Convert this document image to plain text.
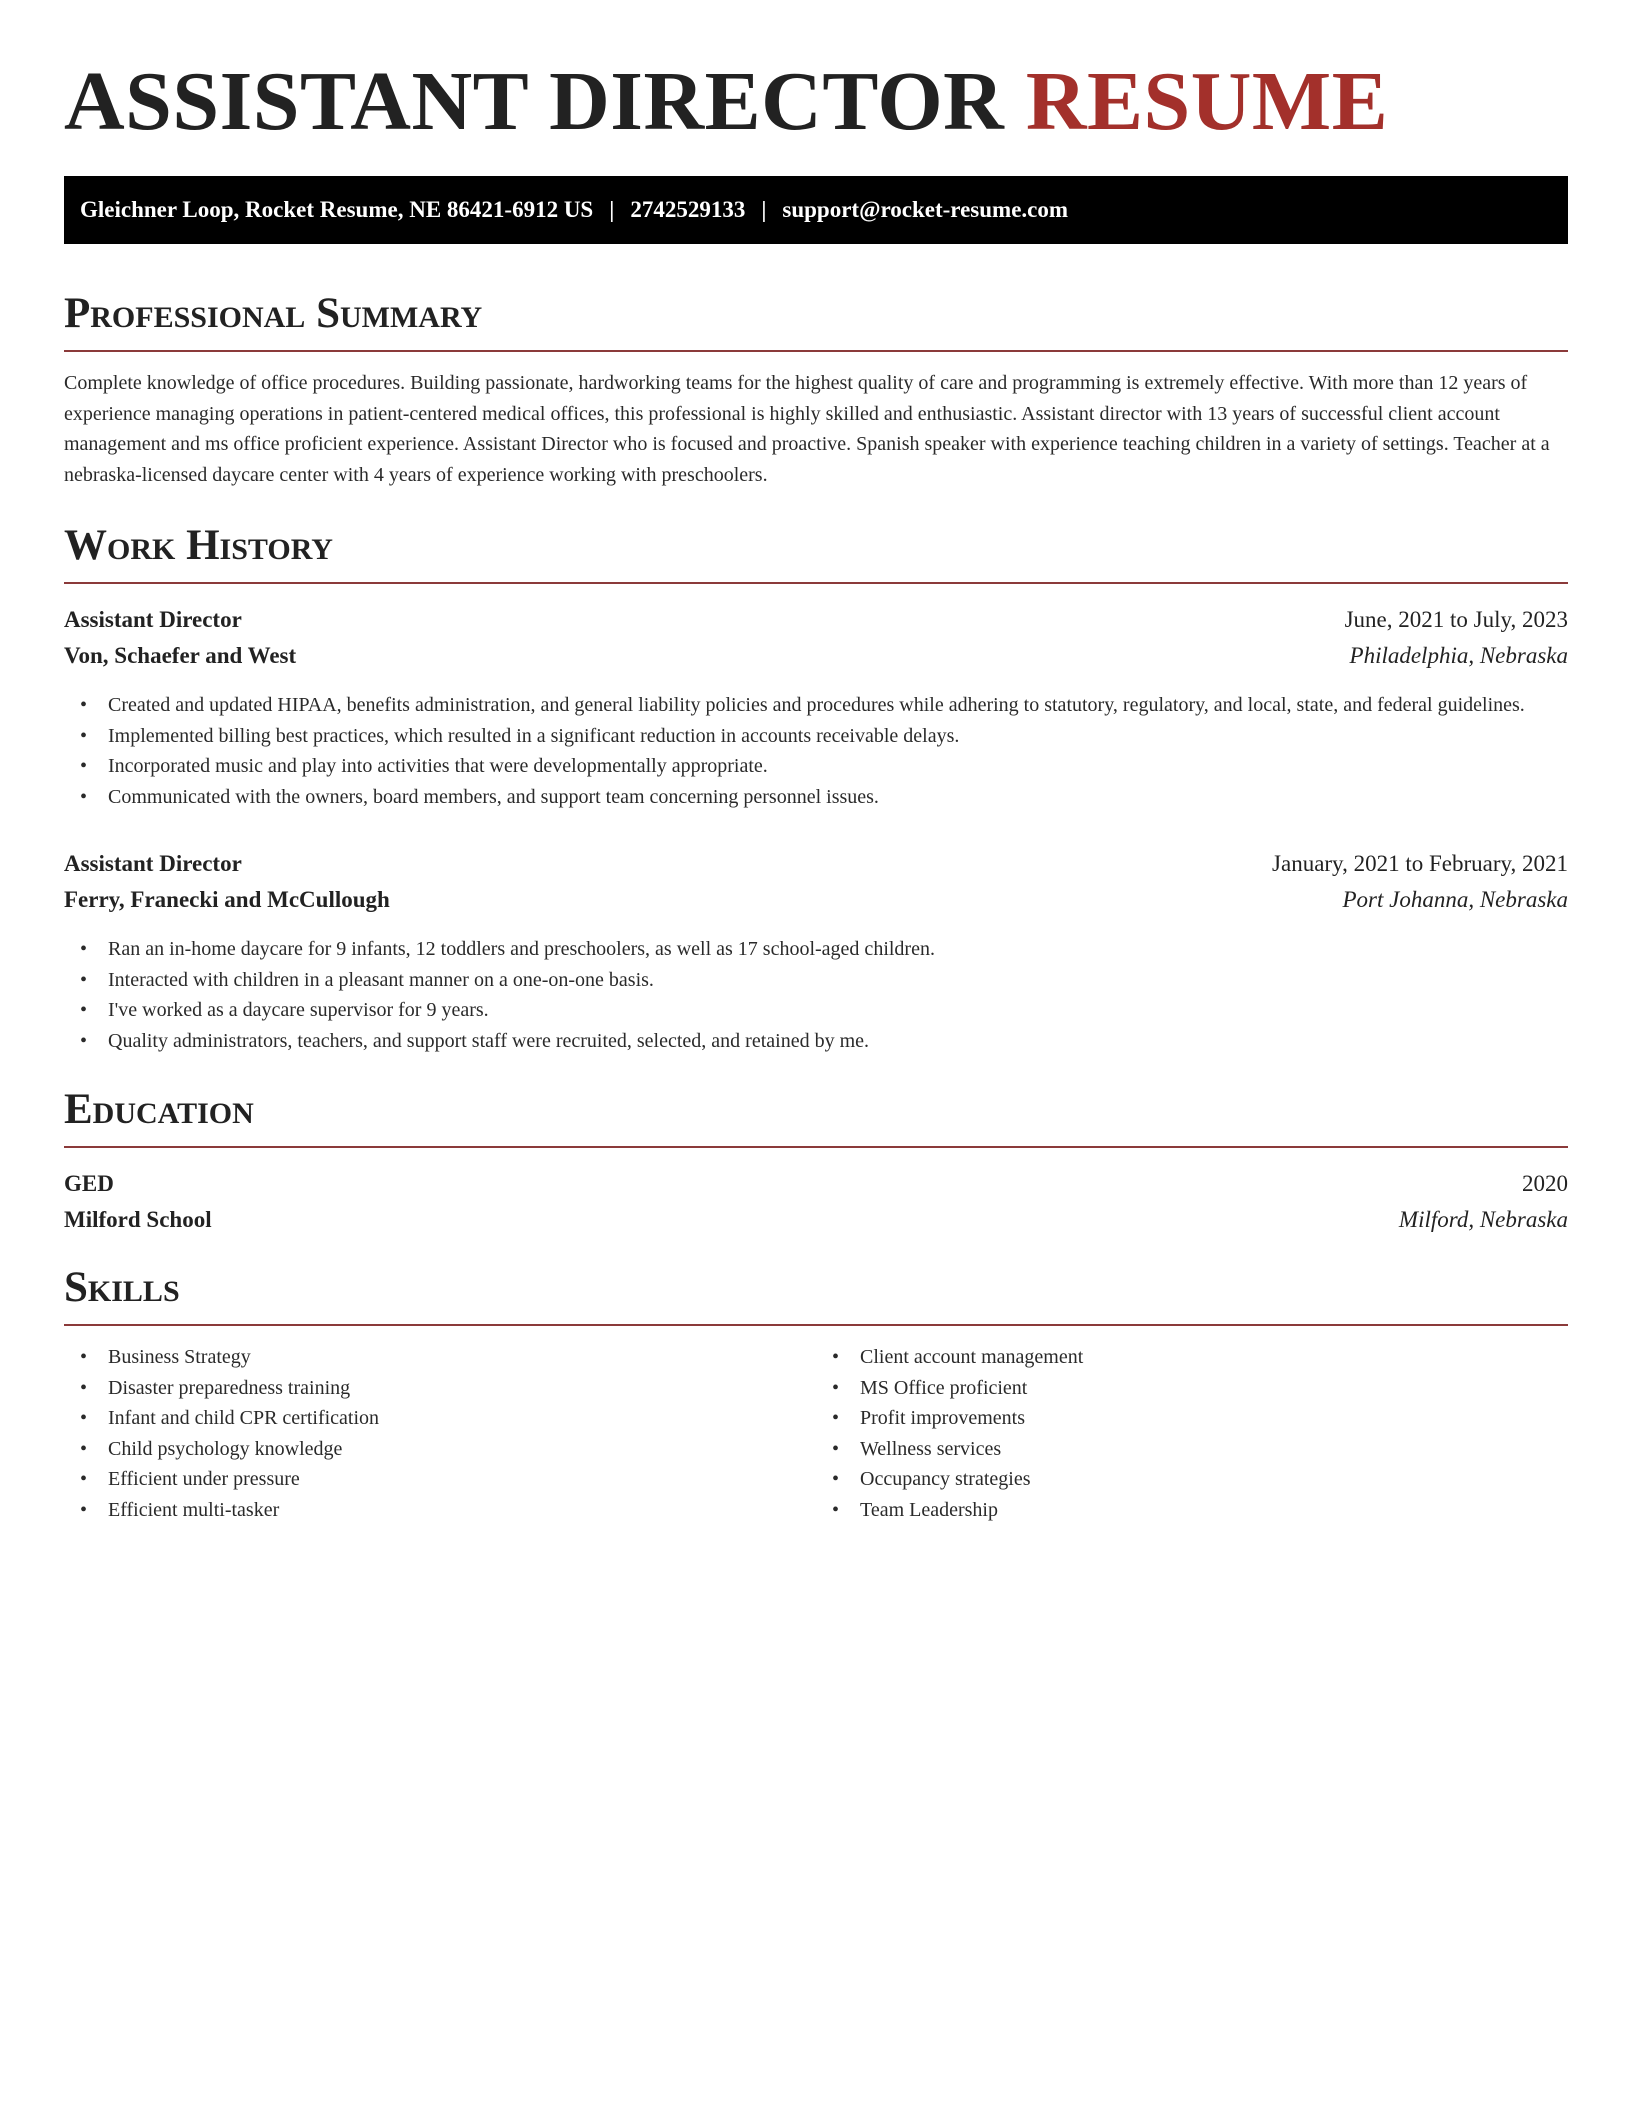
ASSISTANT DIRECTOR RESUME
Gleichner Loop, Rocket Resume, NE 86421-6912 US | 2742529133 | support@rocket-resume.com
Professional Summary

Complete knowledge of office procedures. Building passionate, hardworking teams for the highest quality of care and programming is extremely effective. With more than 12 years of experience managing operations in patient-centered medical offices, this professional is highly skilled and enthusiastic. Assistant director with 13 years of successful client account management and ms office proficient experience. Assistant Director who is focused and proactive. Spanish speaker with experience teaching children in a variety of settings. Teacher at a nebraska-licensed daycare center with 4 years of experience working with preschoolers.

Work History
Assistant Director	June, 2021 to July, 2023
Von, Schaefer and West	Philadelphia, Nebraska
• Created and updated HIPAA, benefits administration, and general liability policies and procedures while adhering to statutory, regulatory, and local, state, and federal guidelines.
• Implemented billing best practices, which resulted in a significant reduction in accounts receivable delays.
• Incorporated music and play into activities that were developmentally appropriate.
• Communicated with the owners, board members, and support team concerning personnel issues.
Assistant Director	January, 2021 to February, 2021
Ferry, Franecki and McCullough	Port Johanna, Nebraska
• Ran an in-home daycare for 9 infants, 12 toddlers and preschoolers, as well as 17 school-aged children.
• Interacted with children in a pleasant manner on a one-on-one basis.
• I've worked as a daycare supervisor for 9 years.
• Quality administrators, teachers, and support staff were recruited, selected, and retained by me.
Education
GED	2020
Milford School	Milford, Nebraska
Skills
• Business Strategy
• Disaster preparedness training
• Infant and child CPR certification
• Child psychology knowledge
• Efficient under pressure
• Efficient multi-tasker
• Client account management
• MS Office proficient
• Profit improvements
• Wellness services
• Occupancy strategies
• Team Leadership
